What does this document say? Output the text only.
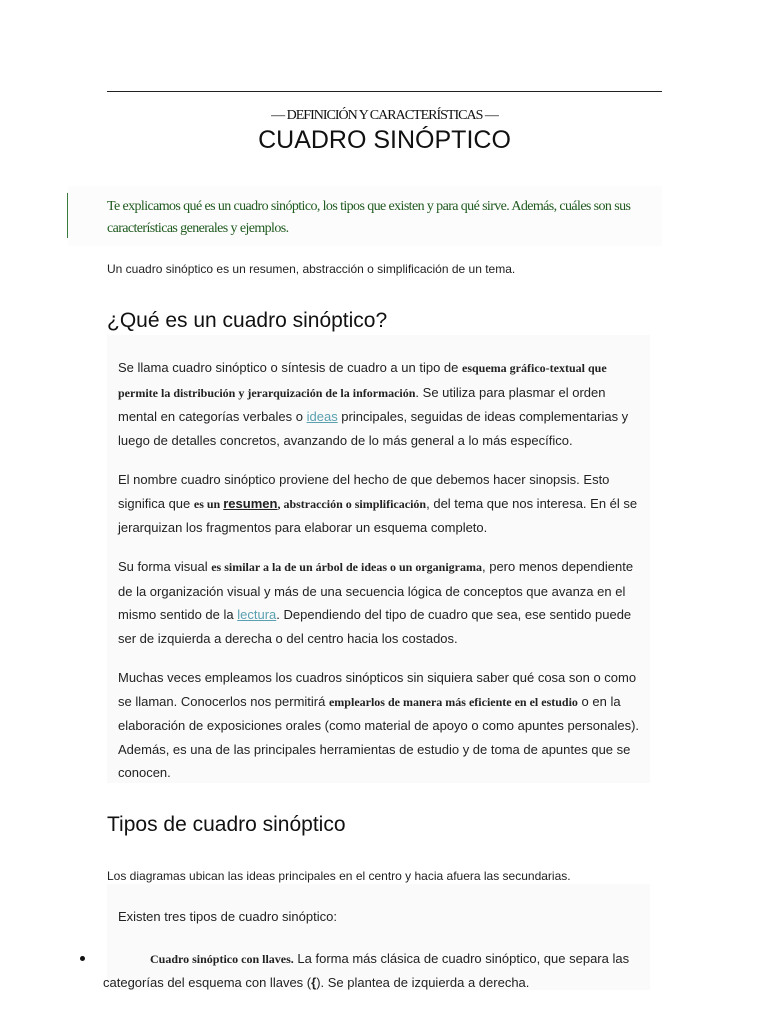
— DEFINICIÓN Y CARACTERÍSTICAS —
CUADRO SINÓPTICO

Te explicamos qué es un cuadro sinóptico, los tipos que existen y para qué sirve. Además, cuáles son sus características generales y ejemplos.

Un cuadro sinóptico es un resumen, abstracción o simplificación de un tema.

¿Qué es un cuadro sinóptico?

Se llama cuadro sinóptico o síntesis de cuadro a un tipo de esquema gráfico-textual que permite la distribución y jerarquización de la información. Se utiliza para plasmar el orden mental en categorías verbales o ideas principales, seguidas de ideas complementarias y luego de detalles concretos, avanzando de lo más general a lo más específico.

El nombre cuadro sinóptico proviene del hecho de que debemos hacer sinopsis. Esto significa que es un resumen, abstracción o simplificación, del tema que nos interesa. En él se jerarquizan los fragmentos para elaborar un esquema completo.

Su forma visual es similar a la de un árbol de ideas o un organigrama, pero menos dependiente de la organización visual y más de una secuencia lógica de conceptos que avanza en el mismo sentido de la lectura. Dependiendo del tipo de cuadro que sea, ese sentido puede ser de izquierda a derecha o del centro hacia los costados.

Muchas veces empleamos los cuadros sinópticos sin siquiera saber qué cosa son o como se llaman. Conocerlos nos permitirá emplearlos de manera más eficiente en el estudio o en la elaboración de exposiciones orales (como material de apoyo o como apuntes personales). Además, es una de las principales herramientas de estudio y de toma de apuntes que se conocen.

Tipos de cuadro sinóptico

Los diagramas ubican las ideas principales en el centro y hacia afuera las secundarias.

Existen tres tipos de cuadro sinóptico:

Cuadro sinóptico con llaves. La forma más clásica de cuadro sinóptico, que separa las categorías del esquema con llaves ({). Se plantea de izquierda a derecha.
